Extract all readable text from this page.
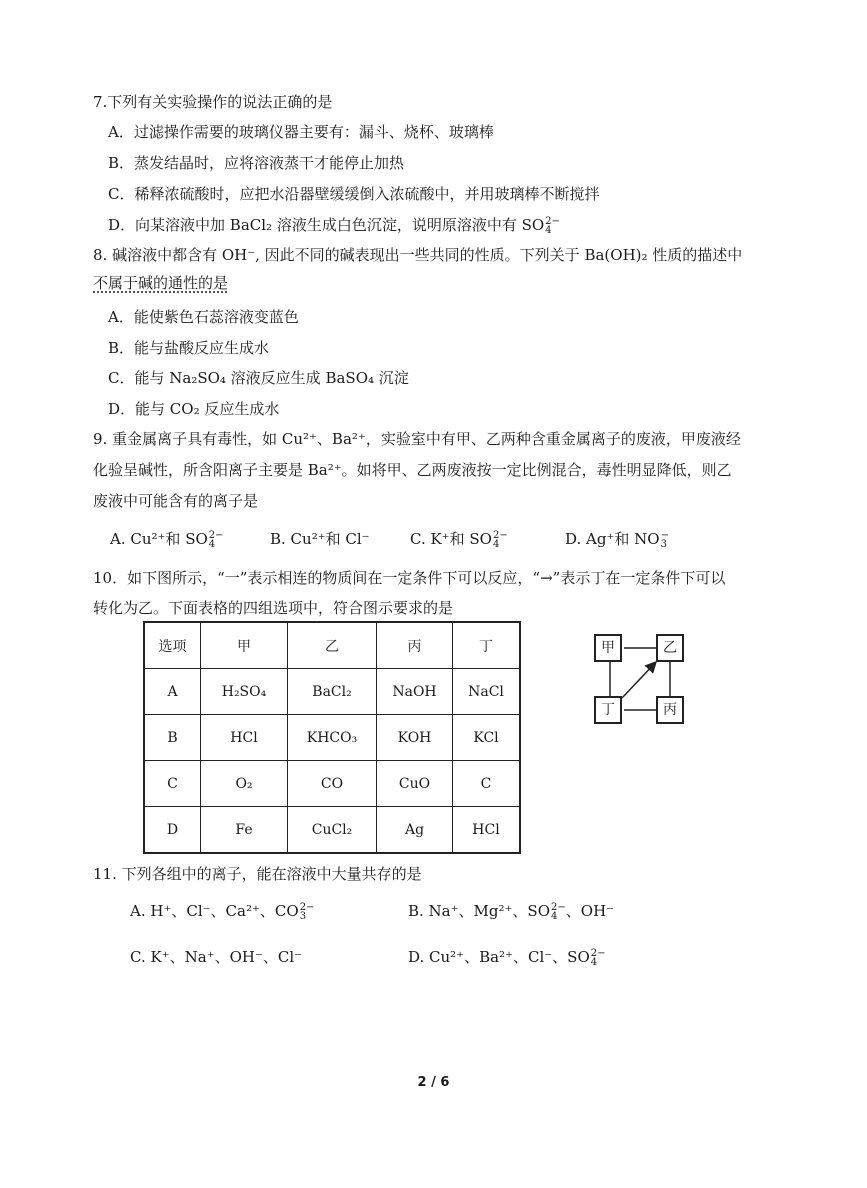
7.下列有关实验操作的说法正确的是
A．过滤操作需要的玻璃仪器主要有：漏斗、烧杯、玻璃棒
B．蒸发结晶时，应将溶液蒸干才能停止加热
C．稀释浓硫酸时，应把水沿器壁缓缓倒入浓硫酸中，并用玻璃棒不断搅拌
D．向某溶液中加 BaCl₂ 溶液生成白色沉淀，说明原溶液中有 SO 2−
4
8. 碱溶液中都含有 OH⁻, 因此不同的碱表现出一些共同的性质。下列关于 Ba(OH)₂ 性质的描述中
不属于碱的通性的是
A．能使紫色石蕊溶液变蓝色
B．能与盐酸反应生成水
C．能与 Na₂SO₄ 溶液反应生成 BaSO₄ 沉淀
D．能与 CO₂ 反应生成水
9. 重金属离子具有毒性，如 Cu²⁺、Ba²⁺，实验室中有甲、乙两种含重金属离子的废液，甲废液经
化验呈碱性，所含阳离子主要是 Ba²⁺。如将甲、乙两废液按一定比例混合，毒性明显降低，则乙
废液中可能含有的离子是
A. Cu²⁺和 SO 2−
4	B. Cu²⁺和 Cl⁻	C. K⁺和 SO 2−
4	D. Ag⁺和 NO −
3
10．如下图所示，“一”表示相连的物质间在一定条件下可以反应，“→”表示丁在一定条件下可以
转化为乙。下面表格的四组选项中，符合图示要求的是
选项	甲	乙	丙	丁
A	H₂SO₄	BaCl₂	NaOH	NaCl
B	HCl	KHCO₃	KOH	KCl
C	O₂	CO	CuO	C
D	Fe	CuCl₂	Ag	HCl
甲	乙
丁	丙
11. 下列各组中的离子，能在溶液中大量共存的是
A. H⁺、Cl⁻、Ca²⁺、CO 2−
3	B. Na⁺、Mg²⁺、SO 2−
4 、OH⁻
C. K⁺、Na⁺、OH⁻、Cl⁻	D. Cu²⁺、Ba²⁺、Cl⁻、SO 2−
4
2 / 6
